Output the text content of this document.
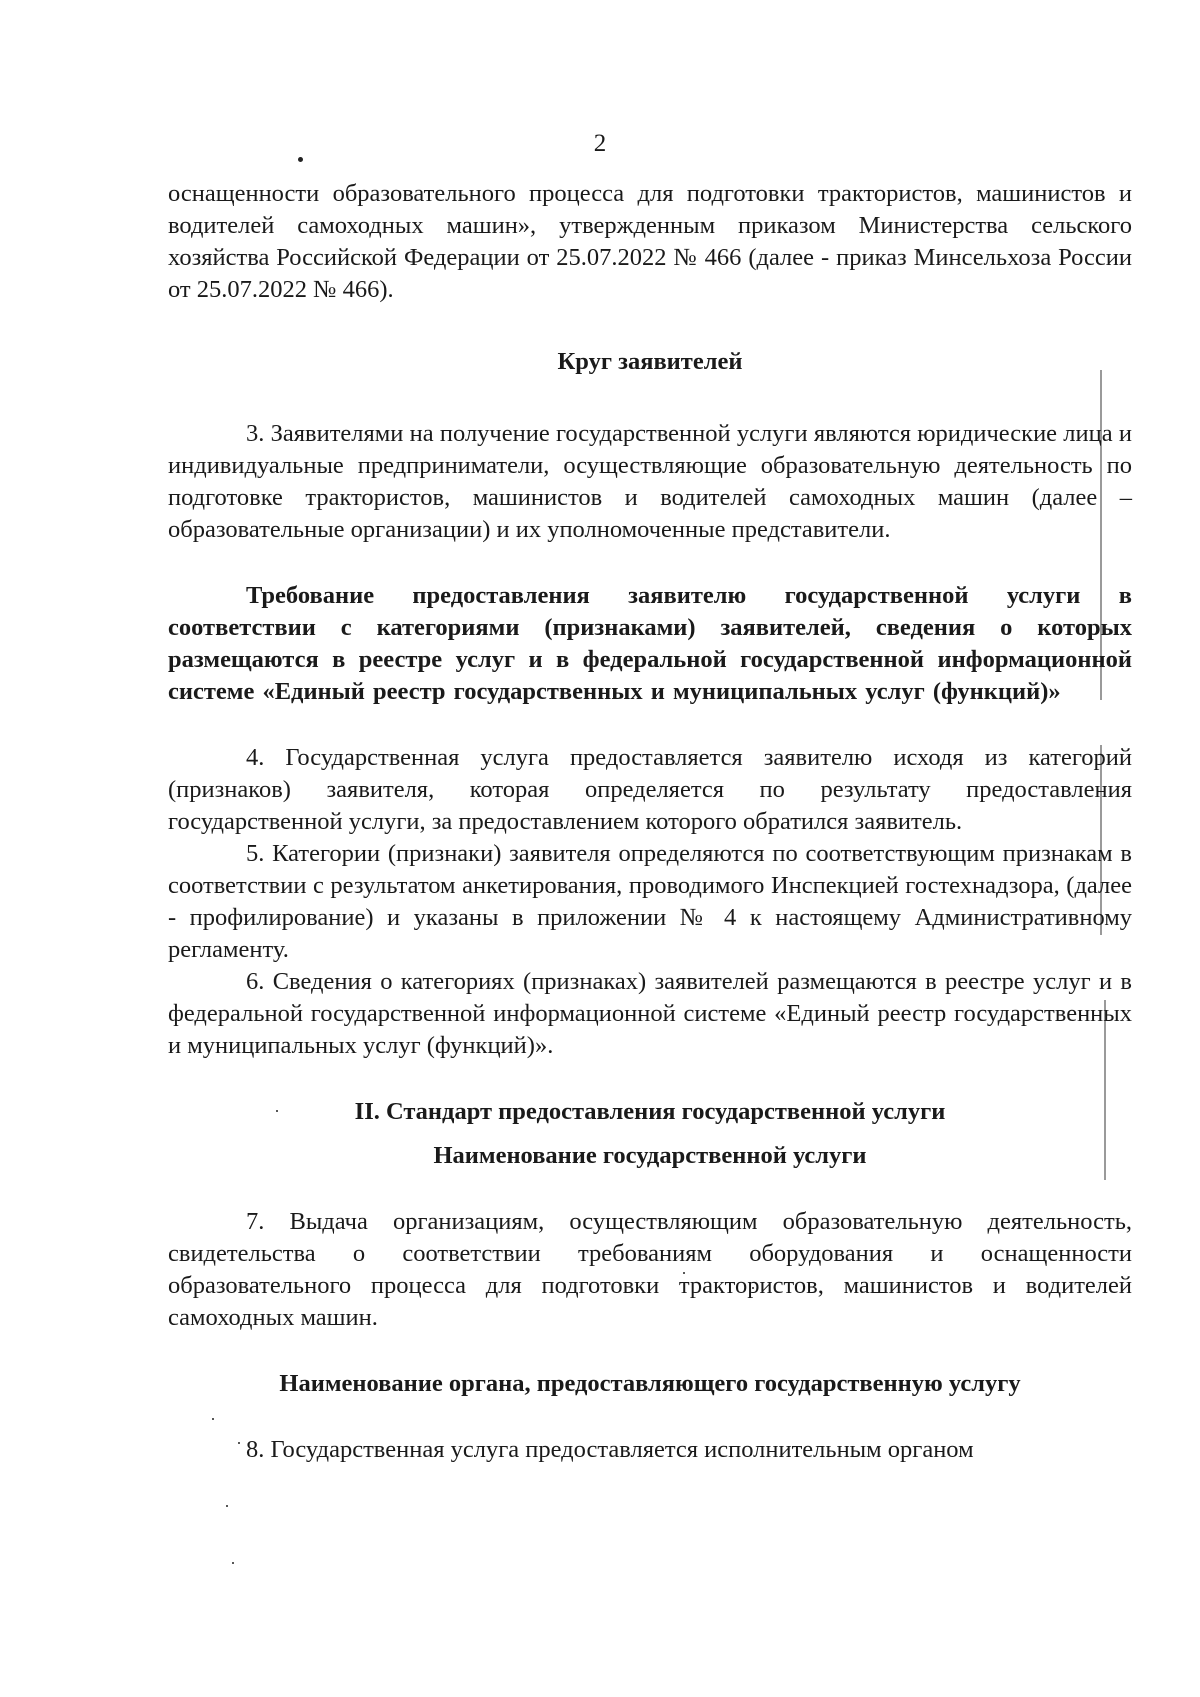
2

оснащенности образовательного процесса для подготовки трактористов, машинистов и водителей самоходных машин», утвержденным приказом Министерства сельского хозяйства Российской Федерации от 25.07.2022 № 466 (далее - приказ Минсельхоза России от 25.07.2022 № 466).

Круг заявителей

3. Заявителями на получение государственной услуги являются юридические лица и индивидуальные предприниматели, осуществляющие образовательную деятельность по подготовке трактористов, машинистов и водителей самоходных машин (далее – образовательные организации) и их уполномоченные представители.

Требование предоставления заявителю государственной услуги в соответствии с категориями (признаками) заявителей, сведения о которых размещаются в реестре услуг и в федеральной государственной информационной системе «Единый реестр государственных и муниципальных услуг (функций)»

4. Государственная услуга предоставляется заявителю исходя из категорий (признаков) заявителя, которая определяется по результату предоставления государственной услуги, за предоставлением которого обратился заявитель.

5. Категории (признаки) заявителя определяются по соответствующим признакам в соответствии с результатом анкетирования, проводимого Инспекцией гостехнадзора, (далее - профилирование) и указаны в приложении № 4 к настоящему Административному регламенту.

6. Сведения о категориях (признаках) заявителей размещаются в реестре услуг и в федеральной государственной информационной системе «Единый реестр государственных и муниципальных услуг (функций)».

II. Стандарт предоставления государственной услуги

Наименование государственной услуги

7. Выдача организациям, осуществляющим образовательную деятельность, свидетельства о соответствии требованиям оборудования и оснащенности образовательного процесса для подготовки трактористов, машинистов и водителей самоходных машин.

Наименование органа, предоставляющего государственную услугу

8. Государственная услуга предоставляется исполнительным органом
